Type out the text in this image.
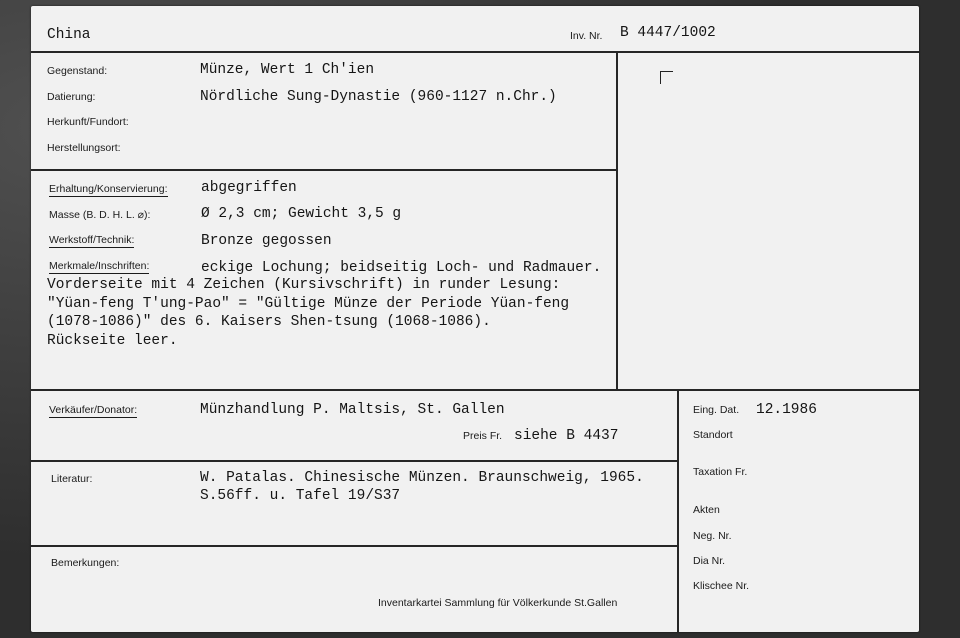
China	Inv. Nr. B 4447/1002
Gegenstand:	Münze, Wert 1 Ch'ien
Datierung:	Nördliche Sung-Dynastie (960-1127 n.Chr.)
Herkunft/Fundort:
Herstellungsort:
Erhaltung/Konservierung: abgegriffen
Masse (B. D. H. L. ⌀):	Ø 2,3 cm; Gewicht 3,5 g
Werkstoff/Technik:	Bronze gegossen
Merkmale/Inschriften:	eckige Lochung; beidseitig Loch- und Radmauer.
Vorderseite mit 4 Zeichen (Kursivschrift) in runder Lesung:
"Yüan-feng T'ung-Pao" = "Gültige Münze der Periode Yüan-feng
(1078-1086)" des 6. Kaisers Shen-tsung (1068-1086).
Rückseite leer.
Verkäufer/Donator:	Münzhandlung P. Maltsis, St. Gallen
Preis Fr. siehe B 4437
Literatur:	W. Patalas. Chinesische Münzen. Braunschweig, 1965.
S.56ff. u. Tafel 19/S37
Bemerkungen:
Inventarkartei Sammlung für Völkerkunde St.Gallen
Eing. Dat. 12.1986
Standort
Taxation Fr.
Akten
Neg. Nr.
Dia Nr.
Klischee Nr.
